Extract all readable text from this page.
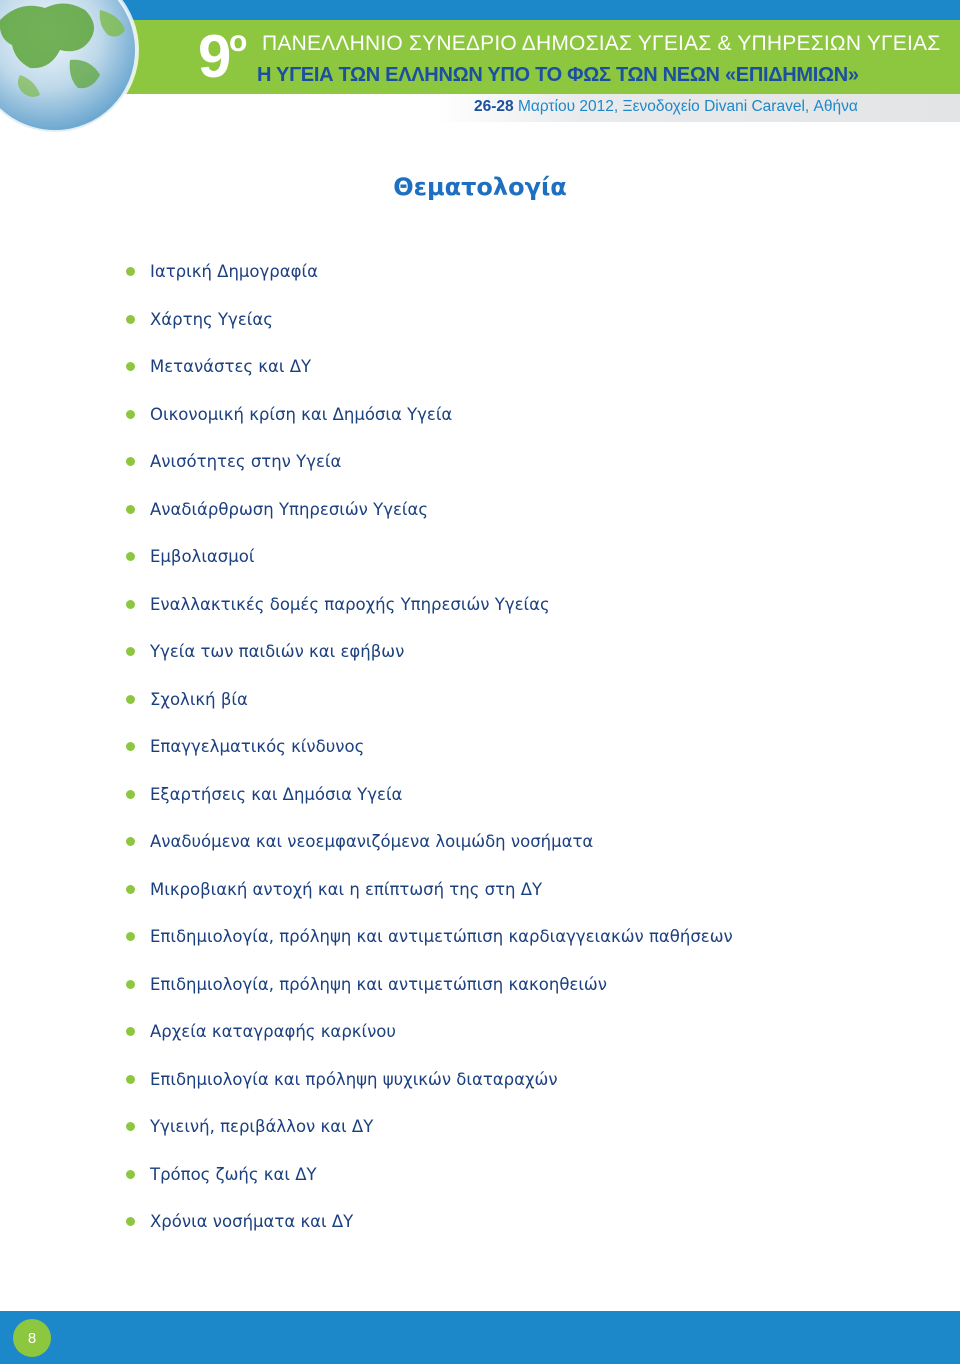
9 ο ΠΑΝΕΛΛΗΝΙΟ ΣΥΝΕΔΡΙΟ ΔΗΜΟΣΙΑΣ ΥΓΕΙΑΣ & ΥΠΗΡΕΣΙΩΝ ΥΓΕΙΑΣ
Η ΥΓΕΙΑ ΤΩΝ ΕΛΛΗΝΩΝ ΥΠΟ ΤΟ ΦΩΣ ΤΩΝ ΝΕΩΝ «ΕΠΙΔΗΜΙΩΝ»
26-28 Μαρτίου 2012, Ξενοδοχείο Divani Caravel, Αθήνα
Θεματολογία
Ιατρική Δημογραφία
Χάρτης Υγείας
Μετανάστες και ΔΥ
Οικονομική κρίση και Δημόσια Υγεία
Ανισότητες στην Υγεία
Αναδιάρθρωση Υπηρεσιών Υγείας
Εμβολιασμοί
Εναλλακτικές δομές παροχής Υπηρεσιών Υγείας
Υγεία των παιδιών και εφήβων
Σχολική βία
Επαγγελματικός κίνδυνος
Εξαρτήσεις και Δημόσια Υγεία
Αναδυόμενα και νεοεμφανιζόμενα λοιμώδη νοσήματα
Μικροβιακή αντοχή και η επίπτωσή της στη ΔΥ
Επιδημιολογία, πρόληψη και αντιμετώπιση καρδιαγγειακών παθήσεων
Επιδημιολογία, πρόληψη και αντιμετώπιση κακοηθειών
Αρχεία καταγραφής καρκίνου
Επιδημιολογία και πρόληψη ψυχικών διαταραχών
Υγιεινή, περιβάλλον και ΔΥ
Τρόπος ζωής και ΔΥ
Χρόνια νοσήματα και ΔΥ
8
